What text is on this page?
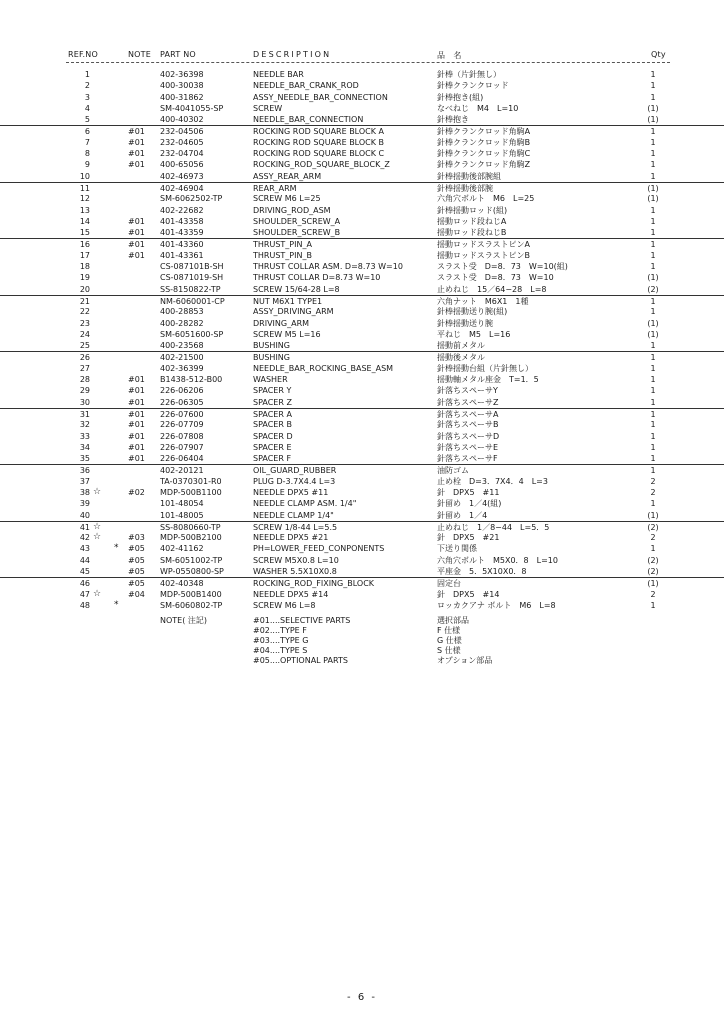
REF.NO	NOTE PART NO	DESCRIPTION	品　名	Qty
1	402-36398	NEEDLE BAR	針棒（片針無し）	1
2	400-30038	NEEDLE_BAR_CRANK_ROD	針棒クランクロッド	1
3	400-31862	ASSY_NEEDLE_BAR_CONNECTION	針棒抱き(組)	1
4	SM-4041055-SP	SCREW	なべねじ　M4　L=10	(1)
5	400-40302	NEEDLE_BAR_CONNECTION	針棒抱き	(1)
6	#01 232-04506	ROCKING ROD SQUARE BLOCK A	針棒クランクロッド角駒A	1
7	#01 232-04605	ROCKING ROD SQUARE BLOCK B	針棒クランクロッド角駒B	1
8	#01 232-04704	ROCKING ROD SQUARE BLOCK C	針棒クランクロッド角駒C	1
9	#01 400-65056	ROCKING_ROD_SQUARE_BLOCK_Z	針棒クランクロッド角駒Z	1
10	402-46973	ASSY_REAR_ARM	針棒揺動後部腕組	1
11	402-46904	REAR_ARM	針棒揺動後部腕	(1)
12	SM-6062502-TP	SCREW M6 L=25	六角穴ボルト　M6　L=25	(1)
13	402-22682	DRIVING_ROD_ASM	針棒揺動ロッド(組)	1
14	#01 401-43358	SHOULDER_SCREW_A	揺動ロッド段ねじA	1
15	#01 401-43359	SHOULDER_SCREW_B	揺動ロッド段ねじB	1
16	#01 401-43360	THRUST_PIN_A	揺動ロッドスラストピンA	1
17	#01 401-43361	THRUST_PIN_B	揺動ロッドスラストピンB	1
18	CS-087101B-SH	THRUST COLLAR ASM. D=8.73 W=10	スラスト受　D=8．73　W=10(組)	1
19	CS-0871019-SH	THRUST COLLAR D=8.73 W=10	スラスト受　D=8．73　W=10	(1)
20	SS-8150822-TP	SCREW 15/64-28 L=8	止めねじ　15／64−28　L=8	(2)
21	NM-6060001-CP	NUT M6X1 TYPE1	六角ナット　M6X1　1種	1
22	400-28853	ASSY_DRIVING_ARM	針棒揺動送り腕(組)	1
23	400-28282	DRIVING_ARM	針棒揺動送り腕	(1)
24	SM-6051600-SP	SCREW M5 L=16	平ねじ　M5　L=16	(1)
25	400-23568	BUSHING	揺動前メタル	1
26	402-21500	BUSHING	揺動後メタル	1
27	402-36399	NEEDLE_BAR_ROCKING_BASE_ASM	針棒揺動台組（片針無し）	1
28	#01 B1438-512-B00	WASHER	揺動軸メタル座金　T=1．5	1
29	#01 226-06206	SPACER Y	針落ちスペーサY	1
30	#01 226-06305	SPACER Z	針落ちスペーサZ	1
31	#01 226-07600	SPACER A	針落ちスペーサA	1
32	#01 226-07709	SPACER B	針落ちスペーサB	1
33	#01 226-07808	SPACER D	針落ちスペーサD	1
34	#01 226-07907	SPACER E	針落ちスペーサE	1
35	#01 226-06404	SPACER F	針落ちスペーサF	1
36	402-20121	OIL_GUARD_RUBBER	油防ゴム	1
37	TA-0370301-R0	PLUG D-3.7X4.4 L=3	止め栓　D=3．7X4．4　L=3	2
38 ☆	#02 MDP-500B1100	NEEDLE DPX5 #11	針　DPX5　#11	2
39	101-48054	NEEDLE CLAMP ASM. 1/4"	針留め　1／4(組)	1
40	101-48005	NEEDLE CLAMP 1/4"	針留め　1／4	(1)
41 ☆	SS-8080660-TP	SCREW 1/8-44 L=5.5	止めねじ　1／8−44　L=5．5	(2)
42 ☆	#03 MDP-500B2100	NEEDLE DPX5 #21	針　DPX5　#21	2
43	* #05 402-41162	PH=LOWER_FEED_CONPONENTS	下送り関係	1
44	#05 SM-6051002-TP	SCREW M5X0.8 L=10	六角穴ボルト　M5X0．8　L=10	(2)
45	#05 WP-0550800-SP	WASHER 5.5X10X0.8	平座金　5．5X10X0．8	(2)
46	#05 402-40348	ROCKING_ROD_FIXING_BLOCK	固定台	(1)
47 ☆	#04 MDP-500B1400	NEEDLE DPX5 #14	針　DPX5　#14	2
48	*	SM-6060802-TP	SCREW M6 L=8	ロッカクアナ ボルト　M6　L=8	1
NOTE( 注記)	#01....SELECTIVE PARTS	選択部品
#02....TYPE F	F 仕様
#03....TYPE G	G 仕様
#04....TYPE S	S 仕様
#05....OPTIONAL PARTS	オプション部品
- 6 -
